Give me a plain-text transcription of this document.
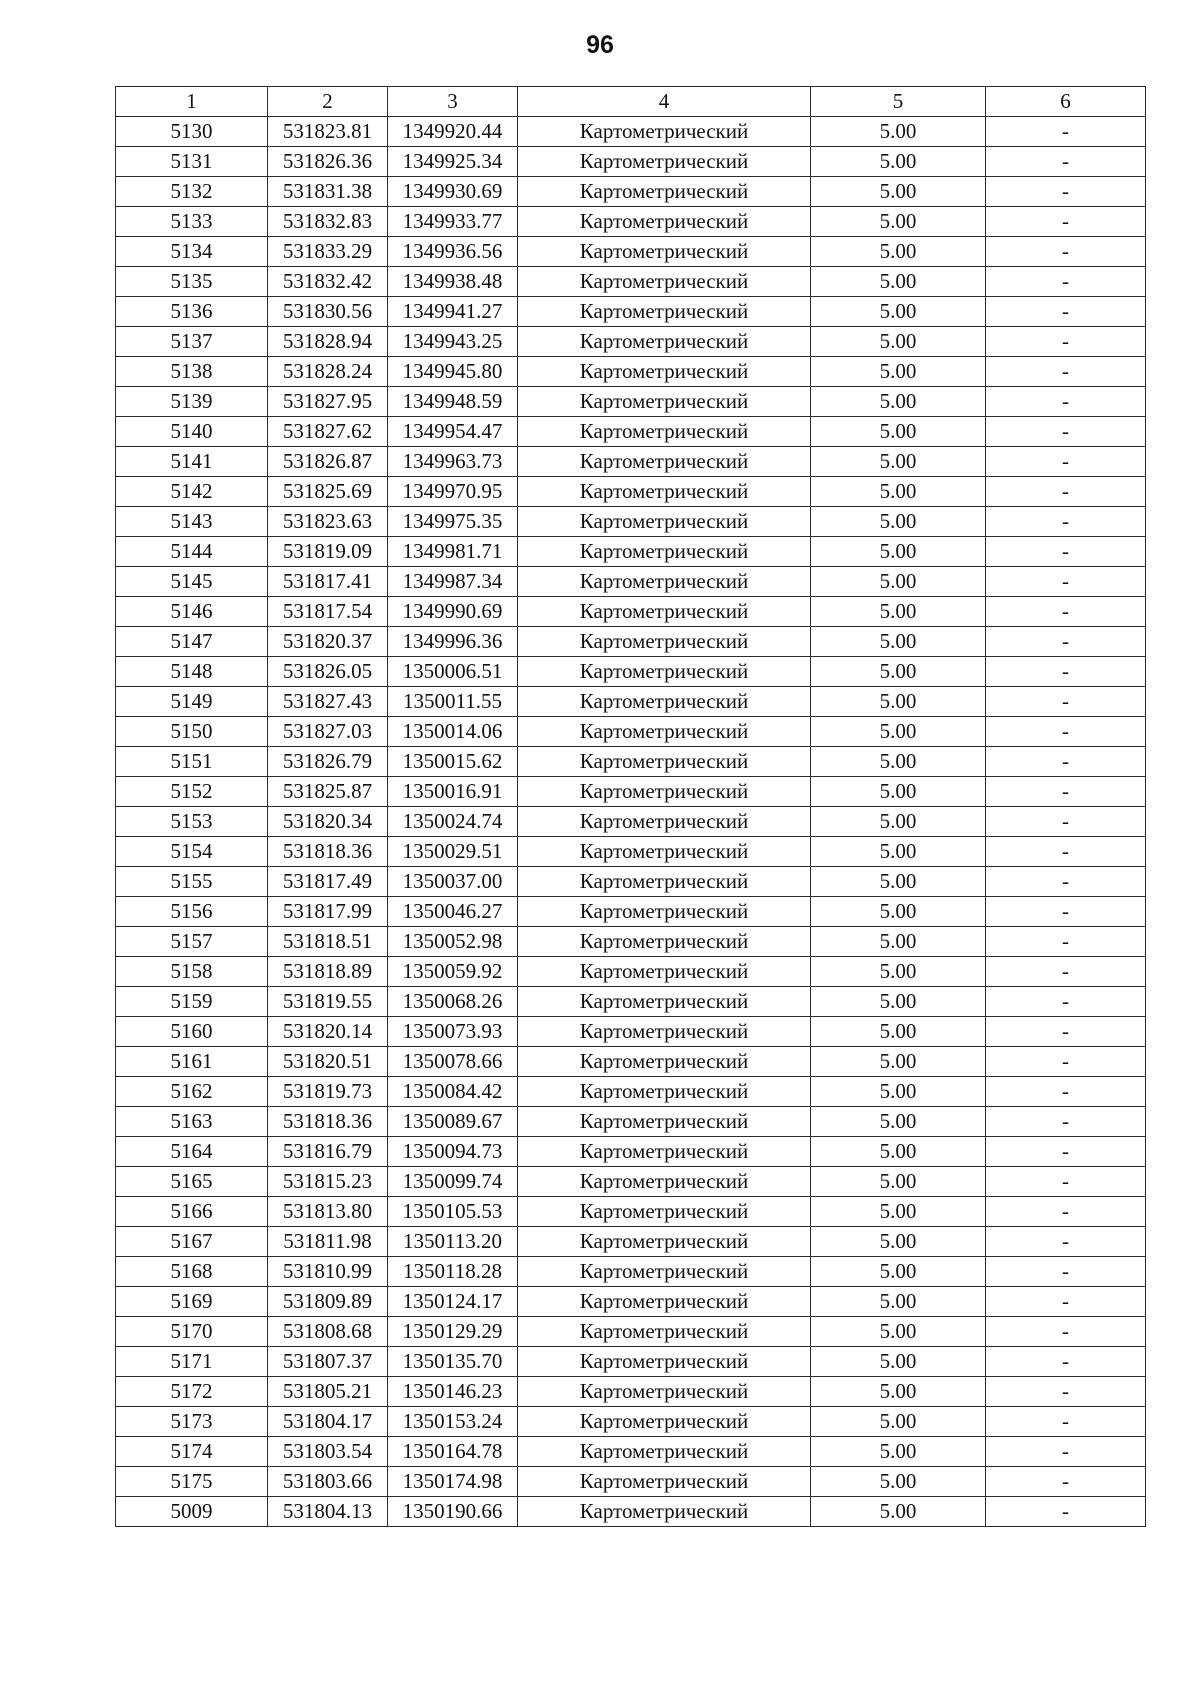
96
1	2	3	4	5	6
5130	531823.81	1349920.44	Картометрический	5.00	-
5131	531826.36	1349925.34	Картометрический	5.00	-
5132	531831.38	1349930.69	Картометрический	5.00	-
5133	531832.83	1349933.77	Картометрический	5.00	-
5134	531833.29	1349936.56	Картометрический	5.00	-
5135	531832.42	1349938.48	Картометрический	5.00	-
5136	531830.56	1349941.27	Картометрический	5.00	-
5137	531828.94	1349943.25	Картометрический	5.00	-
5138	531828.24	1349945.80	Картометрический	5.00	-
5139	531827.95	1349948.59	Картометрический	5.00	-
5140	531827.62	1349954.47	Картометрический	5.00	-
5141	531826.87	1349963.73	Картометрический	5.00	-
5142	531825.69	1349970.95	Картометрический	5.00	-
5143	531823.63	1349975.35	Картометрический	5.00	-
5144	531819.09	1349981.71	Картометрический	5.00	-
5145	531817.41	1349987.34	Картометрический	5.00	-
5146	531817.54	1349990.69	Картометрический	5.00	-
5147	531820.37	1349996.36	Картометрический	5.00	-
5148	531826.05	1350006.51	Картометрический	5.00	-
5149	531827.43	1350011.55	Картометрический	5.00	-
5150	531827.03	1350014.06	Картометрический	5.00	-
5151	531826.79	1350015.62	Картометрический	5.00	-
5152	531825.87	1350016.91	Картометрический	5.00	-
5153	531820.34	1350024.74	Картометрический	5.00	-
5154	531818.36	1350029.51	Картометрический	5.00	-
5155	531817.49	1350037.00	Картометрический	5.00	-
5156	531817.99	1350046.27	Картометрический	5.00	-
5157	531818.51	1350052.98	Картометрический	5.00	-
5158	531818.89	1350059.92	Картометрический	5.00	-
5159	531819.55	1350068.26	Картометрический	5.00	-
5160	531820.14	1350073.93	Картометрический	5.00	-
5161	531820.51	1350078.66	Картометрический	5.00	-
5162	531819.73	1350084.42	Картометрический	5.00	-
5163	531818.36	1350089.67	Картометрический	5.00	-
5164	531816.79	1350094.73	Картометрический	5.00	-
5165	531815.23	1350099.74	Картометрический	5.00	-
5166	531813.80	1350105.53	Картометрический	5.00	-
5167	531811.98	1350113.20	Картометрический	5.00	-
5168	531810.99	1350118.28	Картометрический	5.00	-
5169	531809.89	1350124.17	Картометрический	5.00	-
5170	531808.68	1350129.29	Картометрический	5.00	-
5171	531807.37	1350135.70	Картометрический	5.00	-
5172	531805.21	1350146.23	Картометрический	5.00	-
5173	531804.17	1350153.24	Картометрический	5.00	-
5174	531803.54	1350164.78	Картометрический	5.00	-
5175	531803.66	1350174.98	Картометрический	5.00	-
5009	531804.13	1350190.66	Картометрический	5.00	-
